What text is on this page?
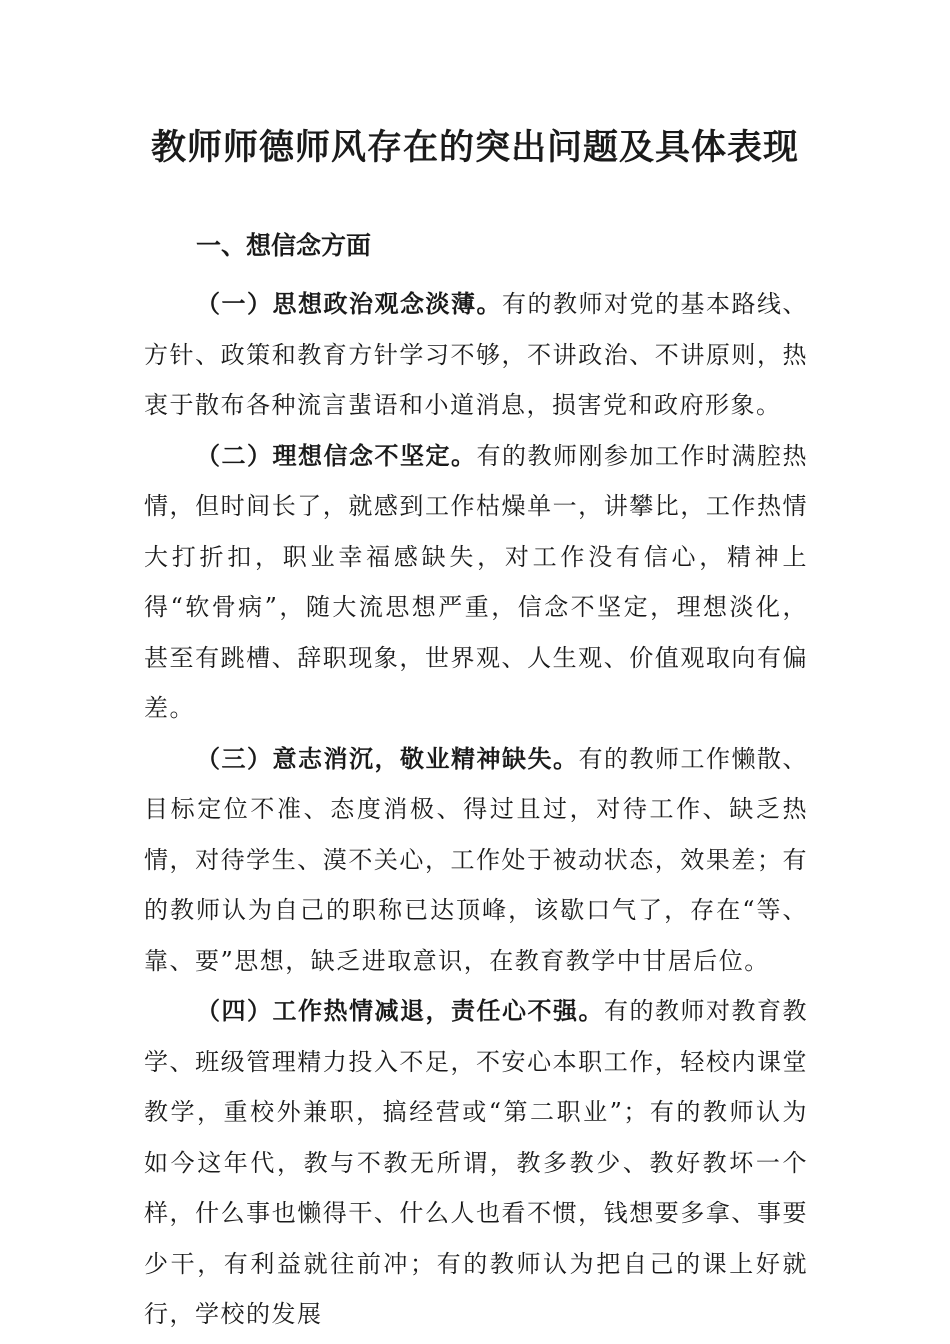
教师师德师风存在的突出问题及具体表现
一、想信念方面

（一）思想政治观念淡薄。有的教师对党的基本路线、方针、政策和教育方针学习不够，不讲政治、不讲原则，热衷于散布各种流言蜚语和小道消息，损害党和政府形象。

（二）理想信念不坚定。有的教师刚参加工作时满腔热情，但时间长了，就感到工作枯燥单一，讲攀比，工作热情大打折扣，职业幸福感缺失，对工作没有信心，精神上得“软骨病”，随大流思想严重，信念不坚定，理想淡化，甚至有跳槽、辞职现象，世界观、人生观、价值观取向有偏差。

（三）意志消沉，敬业精神缺失。有的教师工作懒散、目标定位不准、态度消极、得过且过，对待工作、缺乏热情，对待学生、漠不关心，工作处于被动状态，效果差；有的教师认为自己的职称已达顶峰，该歇口气了，存在“等、靠、要”思想，缺乏进取意识，在教育教学中甘居后位。

（四）工作热情减退，责任心不强。有的教师对教育教学、班级管理精力投入不足，不安心本职工作，轻校内课堂教学，重校外兼职，搞经营或“第二职业”；有的教师认为如今这年代，教与不教无所谓，教多教少、教好教坏一个样，什么事也懒得干、什么人也看不惯，钱想要多拿、事要少干，有利益就往前冲；有的教师认为把自己的课上好就行，学校的发展
